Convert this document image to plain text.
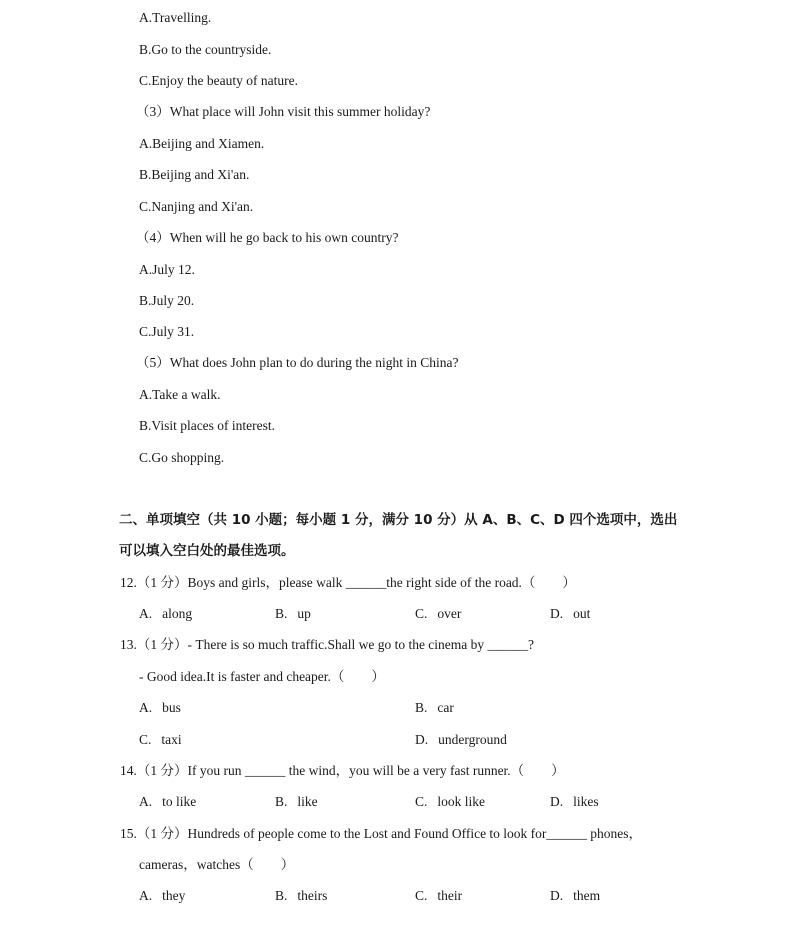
A.Travelling.
B.Go to the countryside.
C.Enjoy the beauty of nature.
（3）What place will John visit this summer holiday?
A.Beijing and Xiamen.
B.Beijing and Xi'an.
C.Nanjing and Xi'an.
（4）When will he go back to his own country?
A.July 12.
B.July 20.
C.July 31.
（5）What does John plan to do during the night in China?
A.Take a walk.
B.Visit places of interest.
C.Go shopping.
二、单项填空（共 10 小题；每小题 1 分，满分 10 分）从 A、B、C、D 四个选项中，选出
可以填入空白处的最佳选项。
12.（1 分）Boys and girls，please walk ______the right side of the road.（　　）
A. along	B. up	C. over	D. out
13.（1 分）- There is so much traffic.Shall we go to the cinema by ______?
- Good idea.It is faster and cheaper.（　　）
A. bus	B. car
C. taxi	D. underground
14.（1 分）If you run ______ the wind，you will be a very fast runner.（　　）
A. to like	B. like	C. look like	D. likes
15.（1 分）Hundreds of people come to the Lost and Found Office to look for______ phones，
cameras，watches（　　）
A. they	B. theirs	C. their	D. them
